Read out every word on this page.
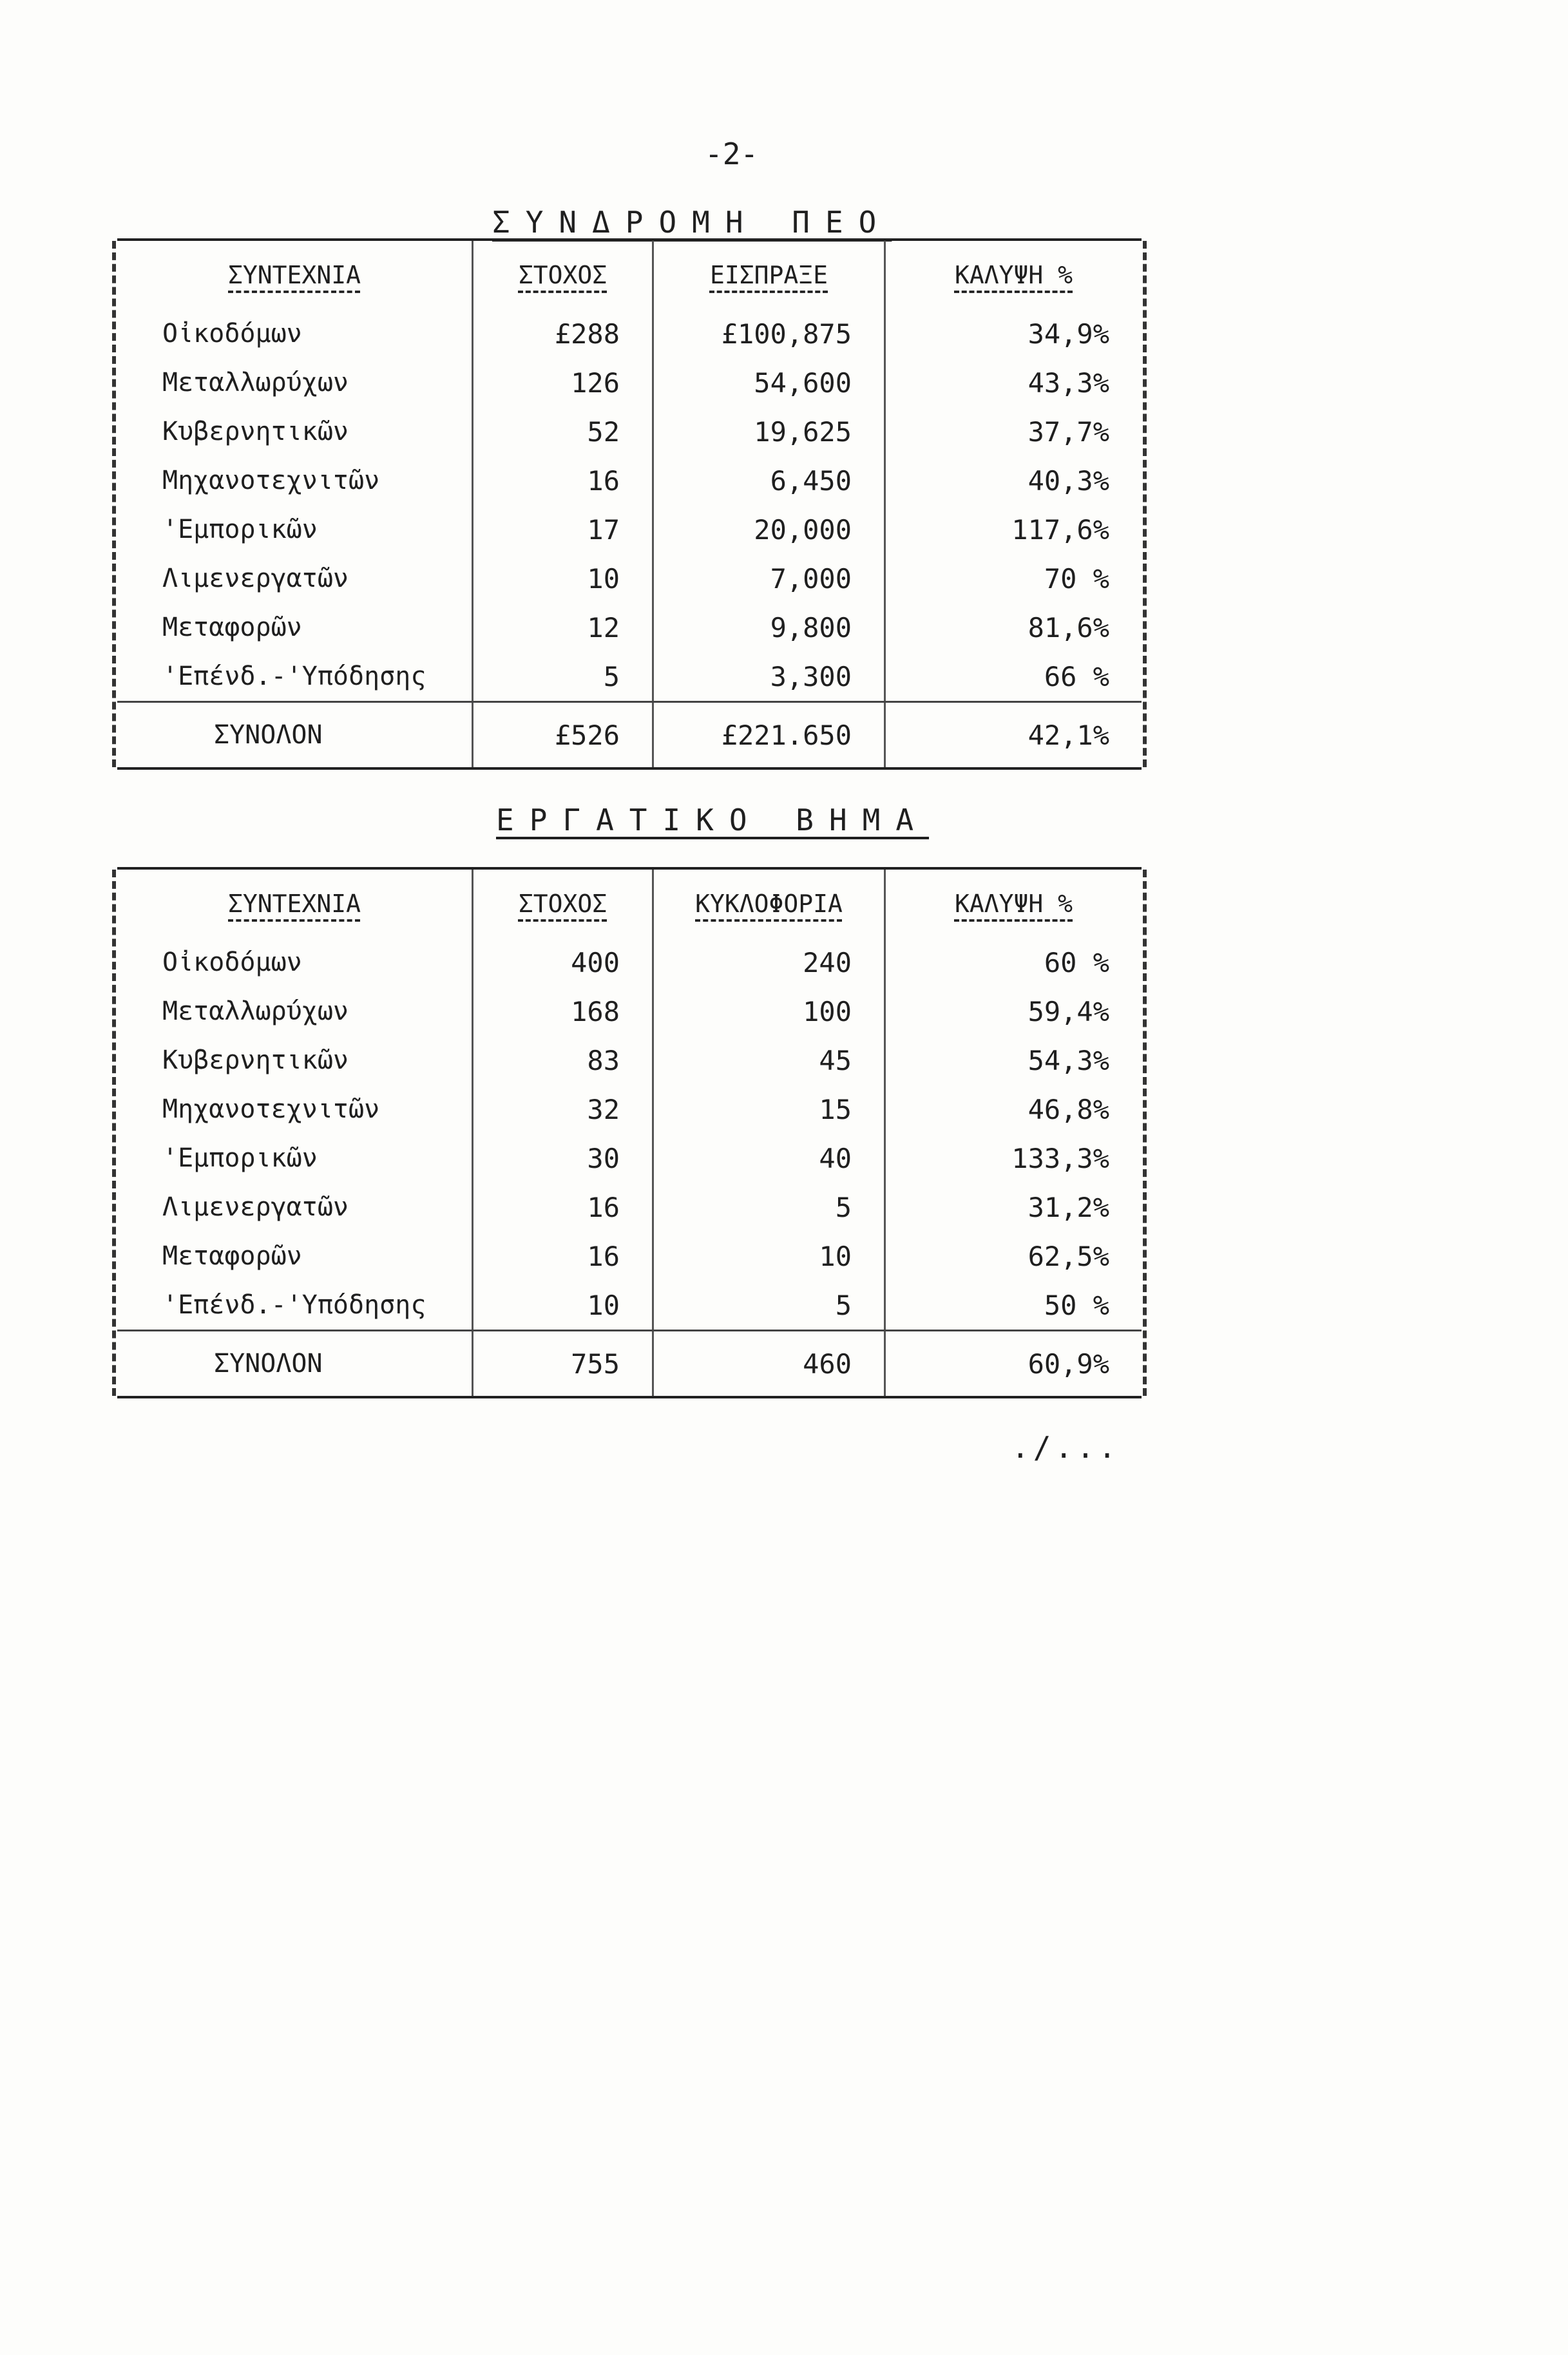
-2-
ΣΥΝΔΡΟΜΗ ΠΕΟ
ΣΥΝΤΕΧΝΙΑ	ΣΤΟΧΟΣ	ΕΙΣΠΡΑΞΕ	ΚΑΛΥΨΗ %
Οἰκοδόμων	£288	£100,875	34,9%
Μεταλλωρύχων	126	54,600	43,3%
Κυβερνητικῶν	52	19,625	37,7%
Μηχανοτεχνιτῶν	16	6,450	40,3%
'Εμπορικῶν	17	20,000	117,6%
Λιμενεργατῶν	10	7,000	70 %
Μεταφορῶν	12	9,800	81,6%
'Επένδ.-'Υπόδησης	5	3,300	66 %
ΣΥΝΟΛΟΝ	£526	£221.650	42,1%
ΕΡΓΑΤΙΚΟ ΒΗΜΑ
ΣΥΝΤΕΧΝΙΑ	ΣΤΟΧΟΣ	ΚΥΚΛΟΦΟΡΙΑ	ΚΑΛΥΨΗ %
Οἰκοδόμων	400	240	60 %
Μεταλλωρύχων	168	100	59,4%
Κυβερνητικῶν	83	45	54,3%
Μηχανοτεχνιτῶν	32	15	46,8%
'Εμπορικῶν	30	40	133,3%
Λιμενεργατῶν	16	5	31,2%
Μεταφορῶν	16	10	62,5%
'Επένδ.-'Υπόδησης	10	5	50 %
ΣΥΝΟΛΟΝ	755	460	60,9%
./...
